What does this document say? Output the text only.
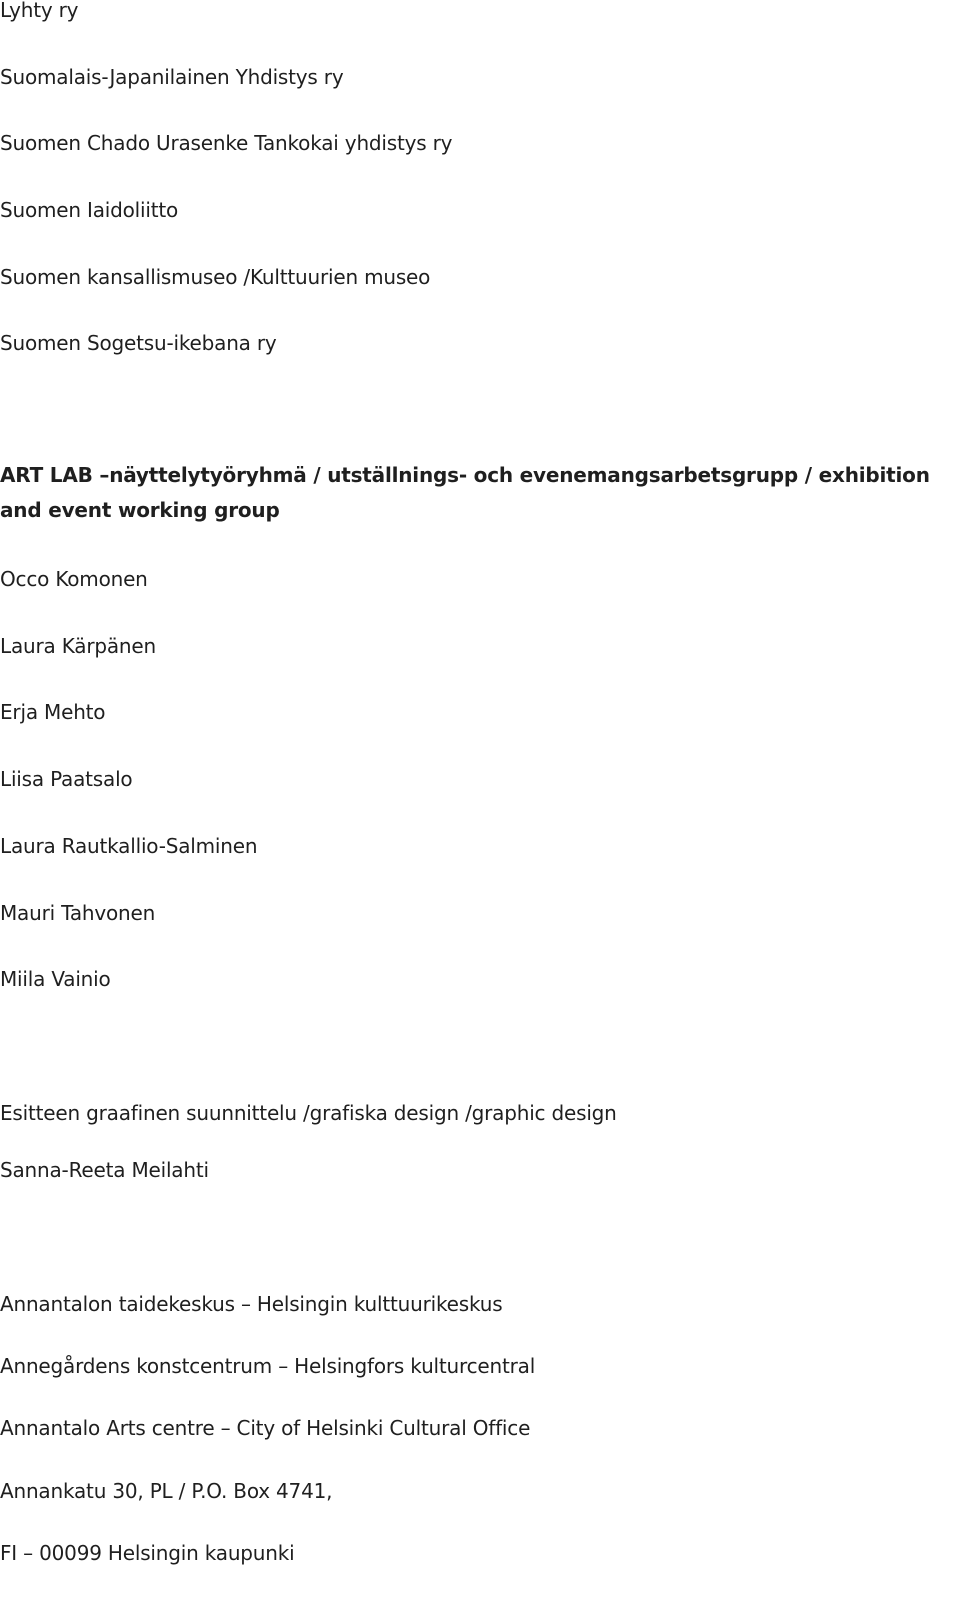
Lyhty ry
Suomalais-Japanilainen Yhdistys ry
Suomen Chado Urasenke Tankokai yhdistys ry
Suomen Iaidoliitto
Suomen kansallismuseo /Kulttuurien museo
Suomen Sogetsu-ikebana ry
ART LAB –näyttelytyöryhmä / utställnings- och evenemangsarbetsgrupp / exhibition and event working group
Occo Komonen
Laura Kärpänen
Erja Mehto
Liisa Paatsalo
Laura Rautkallio-Salminen
Mauri Tahvonen
Miila Vainio
Esitteen graafinen suunnittelu /grafiska design /graphic design
Sanna-Reeta Meilahti
Annantalon taidekeskus – Helsingin kulttuurikeskus
Annegårdens konstcentrum – Helsingfors kulturcentral
Annantalo Arts centre – City of Helsinki Cultural Office
Annankatu 30, PL / P.O. Box 4741,
FI – 00099 Helsingin kaupunki
